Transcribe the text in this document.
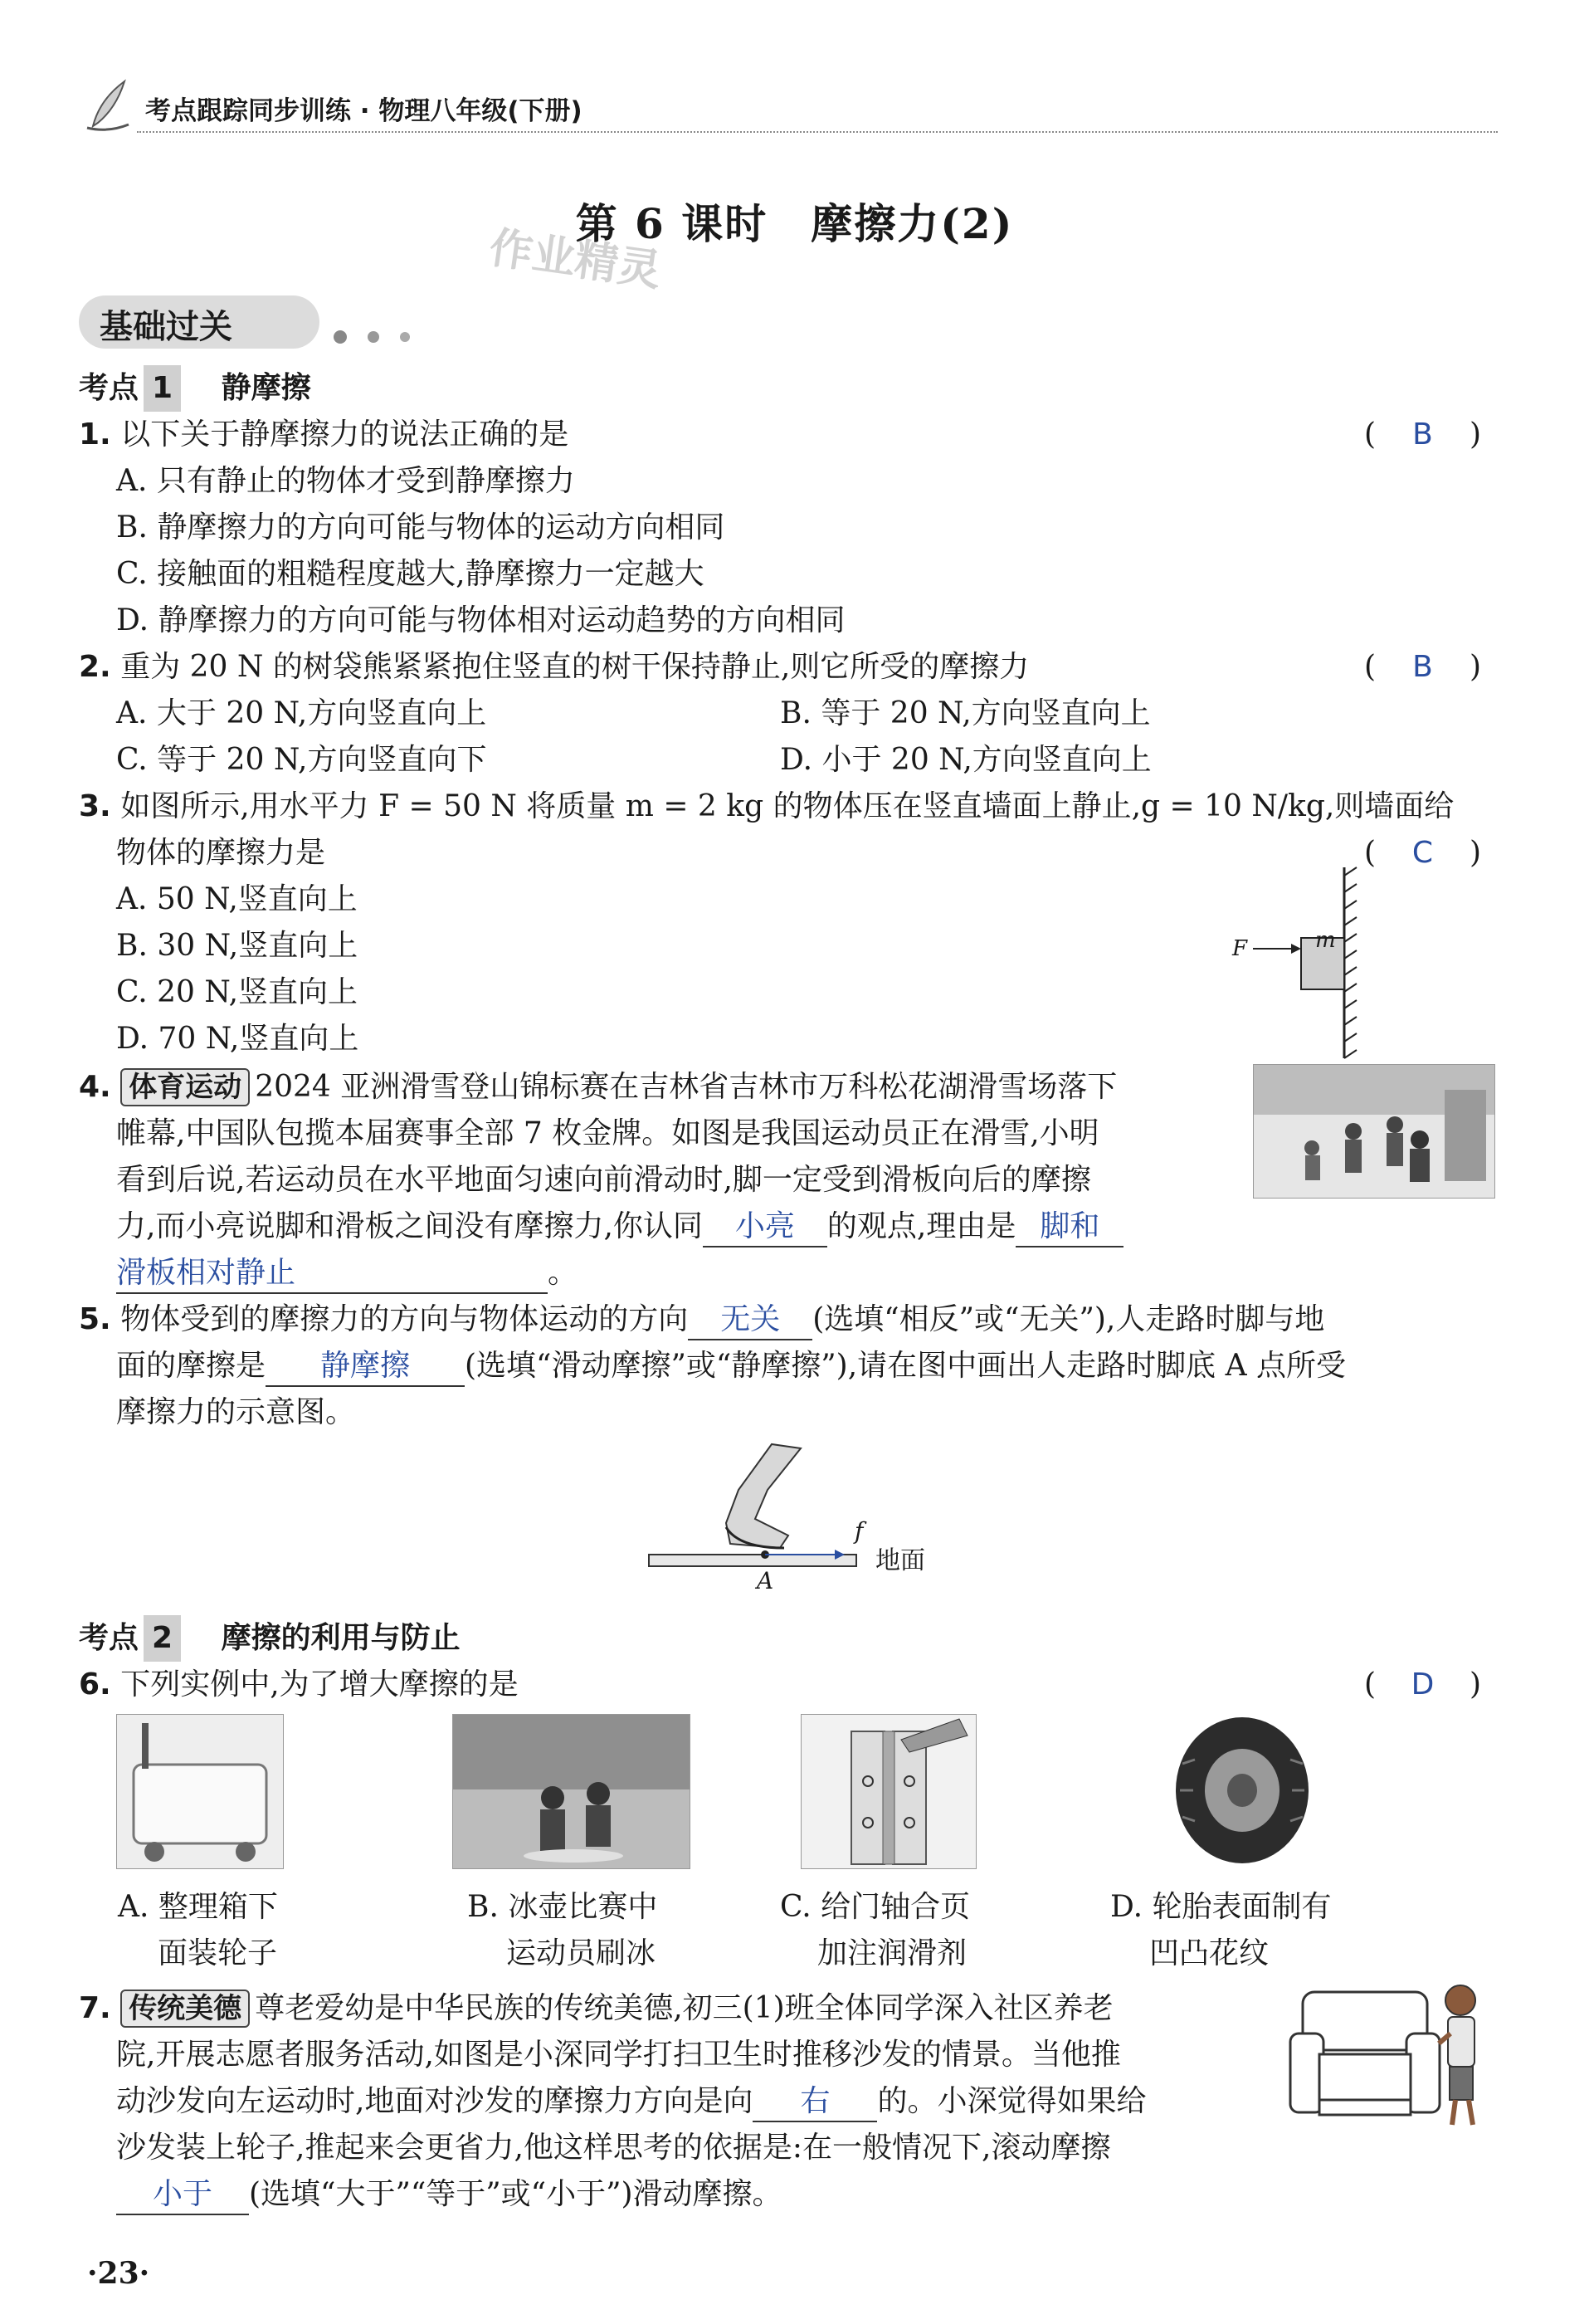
考点跟踪同步训练 · 物理八年级(下册)
第 6 课时　摩擦力(2)
作业精灵
基础过关
考点 1 静摩擦
1. 以下关于静摩擦力的说法正确的是	( B )
A. 只有静止的物体才受到静摩擦力
B. 静摩擦力的方向可能与物体的运动方向相同
C. 接触面的粗糙程度越大,静摩擦力一定越大
D. 静摩擦力的方向可能与物体相对运动趋势的方向相同
2. 重为 20 N 的树袋熊紧紧抱住竖直的树干保持静止,则它所受的摩擦力	( B )
A. 大于 20 N,方向竖直向上	B. 等于 20 N,方向竖直向上
C. 等于 20 N,方向竖直向下	D. 小于 20 N,方向竖直向上
3. 如图所示,用水平力 F = 50 N 将质量 m = 2 kg 的物体压在竖直墙面上静止,g = 10 N/kg,则墙面给
物体的摩擦力是	( C )
A. 50 N,竖直向上
B. 30 N,竖直向上
C. 20 N,竖直向上
D. 70 N,竖直向上
F	m
4. 体育运动 2024 亚洲滑雪登山锦标赛在吉林省吉林市万科松花湖滑雪场落下
帷幕,中国队包揽本届赛事全部 7 枚金牌。如图是我国运动员正在滑雪,小明
看到后说,若运动员在水平地面匀速向前滑动时,脚一定受到滑板向后的摩擦
力,而小亮说脚和滑板之间没有摩擦力,你认同 小亮 的观点,理由是 脚和
滑板相对静止	。
5. 物体受到的摩擦力的方向与物体运动的方向 无关 (选填“相反”或“无关”),人走路时脚与地
面的摩擦是 静摩擦 (选填“滑动摩擦”或“静摩擦”),请在图中画出人走路时脚底 A 点所受
摩擦力的示意图。
f
A
地面
考点 2 摩擦的利用与防止
6. 下列实例中,为了增大摩擦的是	( D )
A. 整理箱下
面装轮子
B. 冰壶比赛中
运动员刷冰
C. 给门轴合页
加注润滑剂
D. 轮胎表面制有
凹凸花纹
7. 传统美德 尊老爱幼是中华民族的传统美德,初三(1)班全体同学深入社区养老
院,开展志愿者服务活动,如图是小深同学打扫卫生时推移沙发的情景。当他推
动沙发向左运动时,地面对沙发的摩擦力方向是向 右 的。小深觉得如果给
沙发装上轮子,推起来会更省力,他这样思考的依据是:在一般情况下,滚动摩擦
小于 (选填“大于”“等于”或“小于”)滑动摩擦。
·23·
